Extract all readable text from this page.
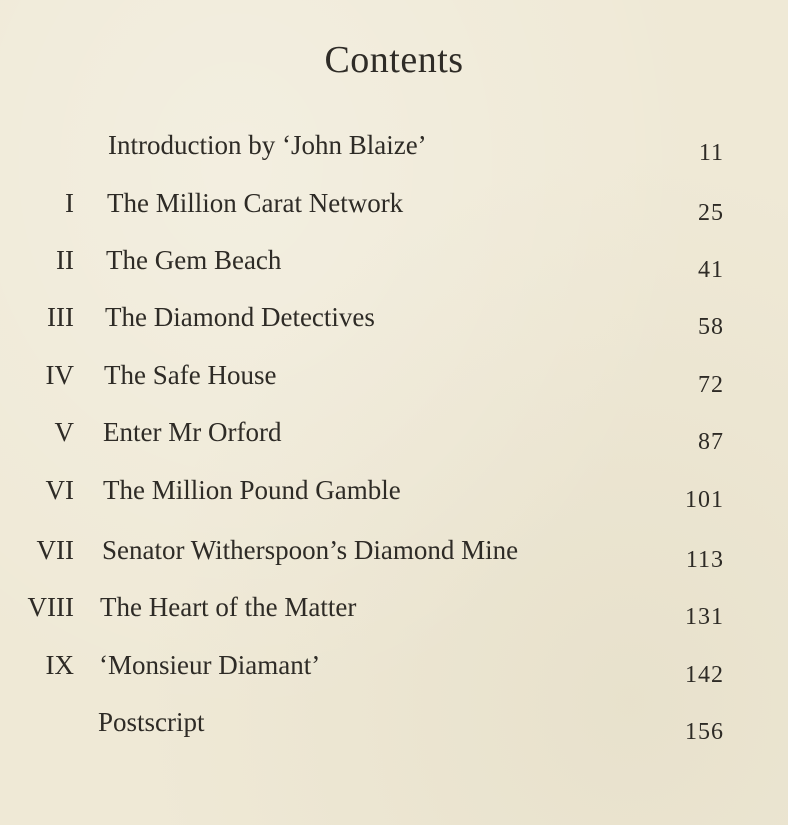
Contents
Introduction by ‘John Blaize’	11
I The Million Carat Network	25
II The Gem Beach	41
III The Diamond Detectives	58
IV The Safe House	72
V Enter Mr Orford	87
VI The Million Pound Gamble	101
VII Senator Witherspoon’s Diamond Mine	113
VIII The Heart of the Matter	131
IX ‘Monsieur Diamant’	142
Postscript	156
